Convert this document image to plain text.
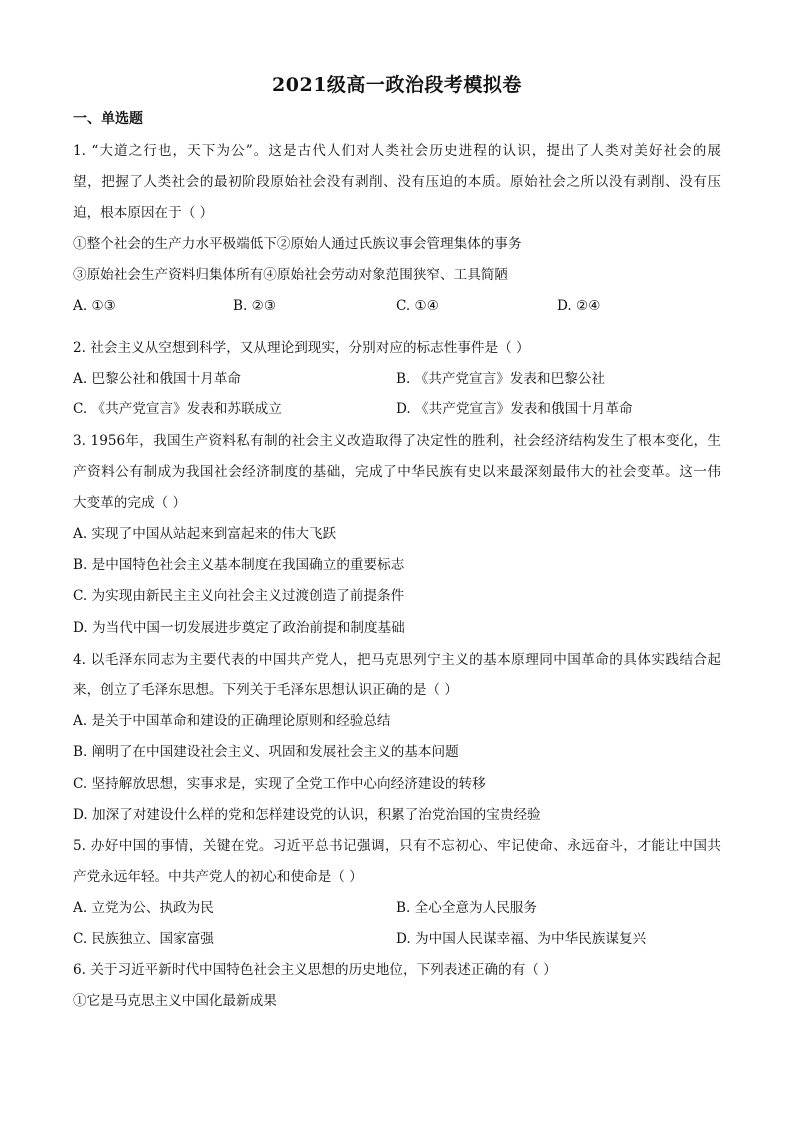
2021级高一政治段考模拟卷
一、单选题
1. “大道之行也，天下为公”。这是古代人们对人类社会历史进程的认识，提出了人类对美好社会的展
望，把握了人类社会的最初阶段原始社会没有剥削、没有压迫的本质。原始社会之所以没有剥削、没有压
迫，根本原因在于（ ）
①整个社会的生产力水平极端低下②原始人通过氏族议事会管理集体的事务
③原始社会生产资料归集体所有④原始社会劳动对象范围狭窄、工具简陋
A. ①③	B. ②③	C. ①④	D. ②④
2. 社会主义从空想到科学，又从理论到现实，分别对应的标志性事件是（ ）
A. 巴黎公社和俄国十月革命	B. 《共产党宣言》发表和巴黎公社
C. 《共产党宣言》发表和苏联成立	D. 《共产党宣言》发表和俄国十月革命
3. 1956年，我国生产资料私有制的社会主义改造取得了决定性的胜利，社会经济结构发生了根本变化，生
产资料公有制成为我国社会经济制度的基础，完成了中华民族有史以来最深刻最伟大的社会变革。这一伟
大变革的完成（ ）
A. 实现了中国从站起来到富起来的伟大飞跃
B. 是中国特色社会主义基本制度在我国确立的重要标志
C. 为实现由新民主主义向社会主义过渡创造了前提条件
D. 为当代中国一切发展进步奠定了政治前提和制度基础
4. 以毛泽东同志为主要代表的中国共产党人，把马克思列宁主义的基本原理同中国革命的具体实践结合起
来，创立了毛泽东思想。下列关于毛泽东思想认识正确的是（ ）
A. 是关于中国革命和建设的正确理论原则和经验总结
B. 阐明了在中国建设社会主义、巩固和发展社会主义的基本问题
C. 坚持解放思想，实事求是，实现了全党工作中心向经济建设的转移
D. 加深了对建设什么样的党和怎样建设党的认识，积累了治党治国的宝贵经验
5. 办好中国的事情，关键在党。习近平总书记强调，只有不忘初心、牢记使命、永远奋斗，才能让中国共
产党永远年轻。中共产党人的初心和使命是（ ）
A. 立党为公、执政为民	B. 全心全意为人民服务
C. 民族独立、国家富强	D. 为中国人民谋幸福、为中华民族谋复兴
6. 关于习近平新时代中国特色社会主义思想的历史地位，下列表述正确的有（ ）
①它是马克思主义中国化最新成果
